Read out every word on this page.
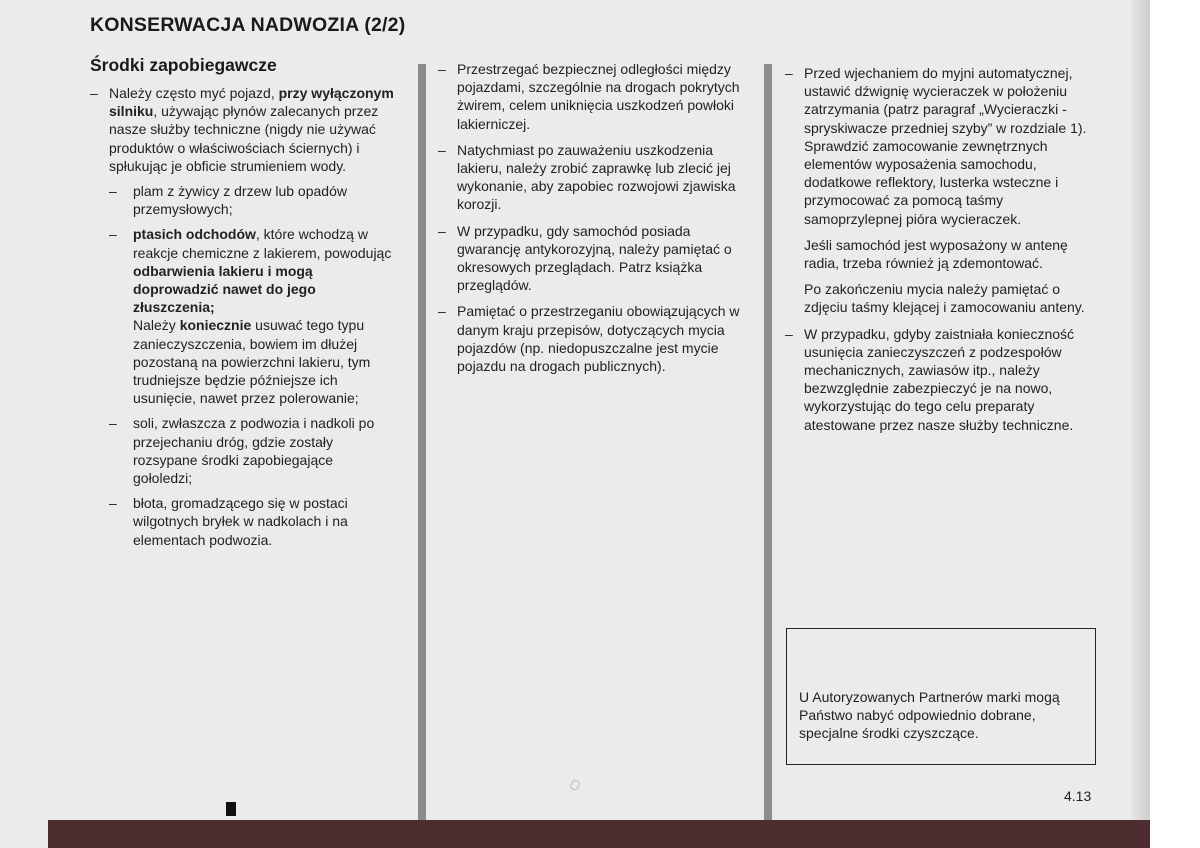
KONSERWACJA NADWOZIA (2/2)
Środki zapobiegawcze

– Należy często myć pojazd, przy wyłączonym silniku, używając płynów zalecanych przez nasze służby techniczne (nigdy nie używać produktów o właściwościach ściernych) i spłukując je obficie strumieniem wody.

– plam z żywicy z drzew lub opadów przemysłowych;

– ptasich odchodów, które wchodzą w reakcje chemiczne z lakierem, powodując odbarwienia lakieru i mogą doprowadzić nawet do jego złuszczenia;

Należy koniecznie usuwać tego typu zanieczyszczenia, bowiem im dłużej pozostaną na powierzchni lakieru, tym trudniejsze będzie późniejsze ich usunięcie, nawet przez polerowanie;

– soli, zwłaszcza z podwozia i nadkoli po przejechaniu dróg, gdzie zostały rozsypane środki zapobiegające gołoledzi;

– błota, gromadzącego się w postaci wilgotnych bryłek w nadkolach i na elementach podwozia.

– Przestrzegać bezpiecznej odległości między pojazdami, szczególnie na drogach pokrytych żwirem, celem uniknięcia uszkodzeń powłoki lakierniczej.

– Natychmiast po zauważeniu uszkodzenia lakieru, należy zrobić zaprawkę lub zlecić jej wykonanie, aby zapobiec rozwojowi zjawiska korozji.

– W przypadku, gdy samochód posiada gwarancję antykorozyjną, należy pamiętać o okresowych przeglądach. Patrz książka przeglądów.

– Pamiętać o przestrzeganiu obowiązujących w danym kraju przepisów, dotyczących mycia pojazdów (np. niedopuszczalne jest mycie pojazdu na drogach publicznych).

– Przed wjechaniem do myjni automatycznej, ustawić dźwignię wycieraczek w położeniu zatrzymania (patrz paragraf „Wycieraczki - spryskiwacze przedniej szyby” w rozdziale 1). Sprawdzić zamocowanie zewnętrznych elementów wyposażenia samochodu, dodatkowe reflektory, lusterka wsteczne i przymocować za pomocą taśmy samoprzylepnej pióra wycieraczek.

Jeśli samochód jest wyposażony w antenę radia, trzeba również ją zdemontować.

Po zakończeniu mycia należy pamiętać o zdjęciu taśmy klejącej i zamocowaniu anteny.

– W przypadku, gdyby zaistniała konieczność usunięcia zanieczyszczeń z podzespołów mechanicznych, zawiasów itp., należy bezwzględnie zabezpieczyć je na nowo, wykorzystując do tego celu preparaty atestowane przez nasze służby techniczne.

U Autoryzowanych Partnerów marki mogą Państwo nabyć odpowiednio dobrane, specjalne środki czyszczące.

4.13
